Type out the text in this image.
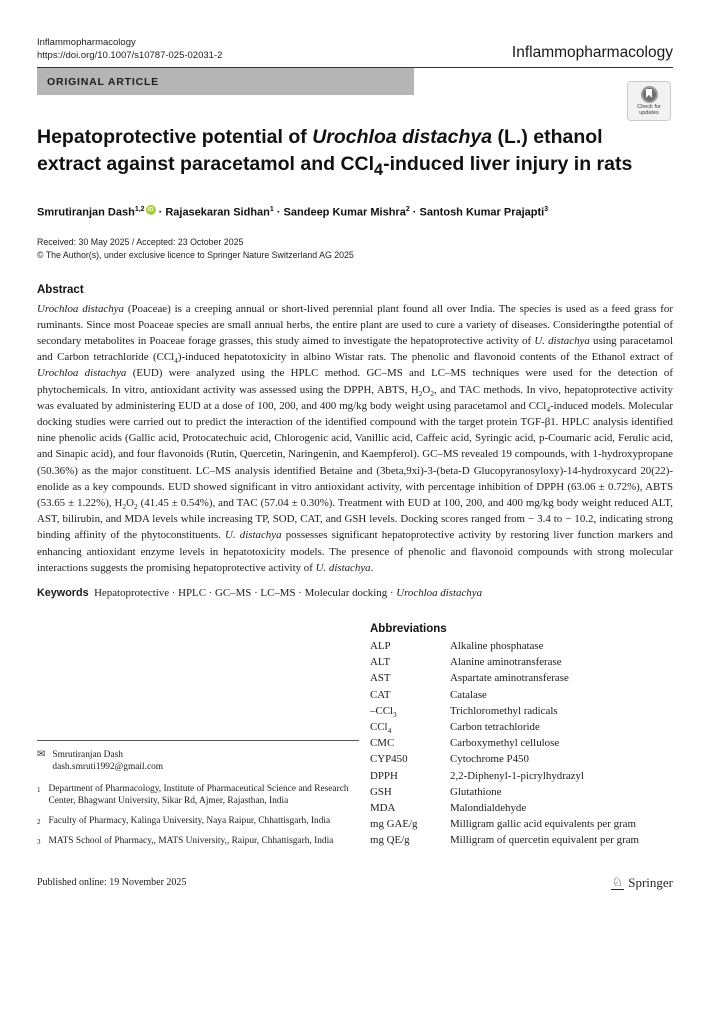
Inflammopharmacology
https://doi.org/10.1007/s10787-025-02031-2	Inflammopharmacology
ORIGINAL ARTICLE
Check for updates
Hepatoprotective potential of Urochloa distachya (L.) ethanol extract against paracetamol and CCl$_4$-induced liver injury in rats
Smrutiranjan Dash$^{1,2}$ iD · Rajasekaran Sidhan$^1$ · Sandeep Kumar Mishra$^2$ · Santosh Kumar Prajapti$^3$
Received: 30 May 2025 / Accepted: 23 October 2025
© The Author(s), under exclusive licence to Springer Nature Switzerland AG 2025
Abstract

Urochloa distachya (Poaceae) is a creeping annual or short-lived perennial plant found all over India. The species is used as a feed grass for ruminants. Since most Poaceae species are small annual herbs, the entire plant are used to cure a variety of diseases. Consideringthe potential of secondary metabolites in Poaceae forage grasses, this study aimed to investigate the hepatoprotective activity of U. distachya using paracetamol and Carbon tetrachloride (CCl$_4$)-induced hepatotoxicity in albino Wistar rats. The phenolic and flavonoid contents of the Ethanol extract of Urochloa distachya (EUD) were analyzed using the HPLC method. GC–MS and LC–MS techniques were used for the detection of phytochemicals. In vitro, antioxidant activity was assessed using the DPPH, ABTS, $H_2O_2$, and TAC methods. In vivo, hepatoprotective activity was evaluated by administering EUD at a dose of 100, 200, and 400 mg/kg body weight using paracetamol and CCl$_4$-induced models. Molecular docking studies were carried out to predict the interaction of the identified compound with the target protein TGF-β1. HPLC analysis identified nine phenolic acids (Gallic acid, Protocatechuic acid, Chlorogenic acid, Vanillic acid, Caffeic acid, Syringic acid, p-Coumaric acid, Ferulic acid, and Sinapic acid), and four flavonoids (Rutin, Quercetin, Naringenin, and Kaempferol). GC–MS revealed 19 compounds, with 1-hydroxypropane (50.36%) as the major constituent. LC–MS analysis identified Betaine and (3beta,9xi)-3-(beta-D Glucopyranosyloxy)-14-hydroxycard 20(22)-enolide as a key compounds. EUD showed significant in vitro antioxidant activity, with percentage inhibition of DPPH (63.06 ± 0.72%), ABTS (53.65 ± 1.22%), $H_2O_2$ (41.45 ± 0.54%), and TAC (57.04 ± 0.30%). Treatment with EUD at 100, 200, and 400 mg/kg body weight reduced ALT, AST, bilirubin, and MDA levels while increasing TP, SOD, CAT, and GSH levels. Docking scores ranged from − 3.4 to − 10.2, indicating strong binding affinity of the phytoconstituents. U. distachya possesses significant hepatoprotective activity by restoring liver function markers and enhancing antioxidant enzyme levels in hepatotoxicity models. The presence of phenolic and flavonoid compounds with strong molecular interactions suggests the promising hepatoprotective activity of U. distachya.

Keywords Hepatoprotective · HPLC · GC–MS · LC–MS · Molecular docking · Urochloa distachya
✉ Smrutiranjan Dash
dash.smruti1992@gmail.com
1 Department of Pharmacology, Institute of Pharmaceutical Science and Research Center, Bhagwant University, Sikar Rd, Ajmer, Rajasthan, India
2 Faculty of Pharmacy, Kalinga University, Naya Raipur, Chhattisgarh, India
3 MATS School of Pharmacy,, MATS University,, Raipur, Chhattisgarh, India
Abbreviations
ALP	Alkaline phosphatase
ALT	Alanine aminotransferase
AST	Aspartate aminotransferase
CAT	Catalase
–CCl$_3$	Trichloromethyl radicals
CCl$_4$	Carbon tetrachloride
CMC	Carboxymethyl cellulose
CYP450	Cytochrome P450
DPPH	2,2-Diphenyl-1-picrylhydrazyl
GSH	Glutathione
MDA	Malondialdehyde
mg GAE/g	Milligram gallic acid equivalents per gram
mg QE/g	Milligram of quercetin equivalent per gram
Published online: 19 November 2025	♘ Springer
